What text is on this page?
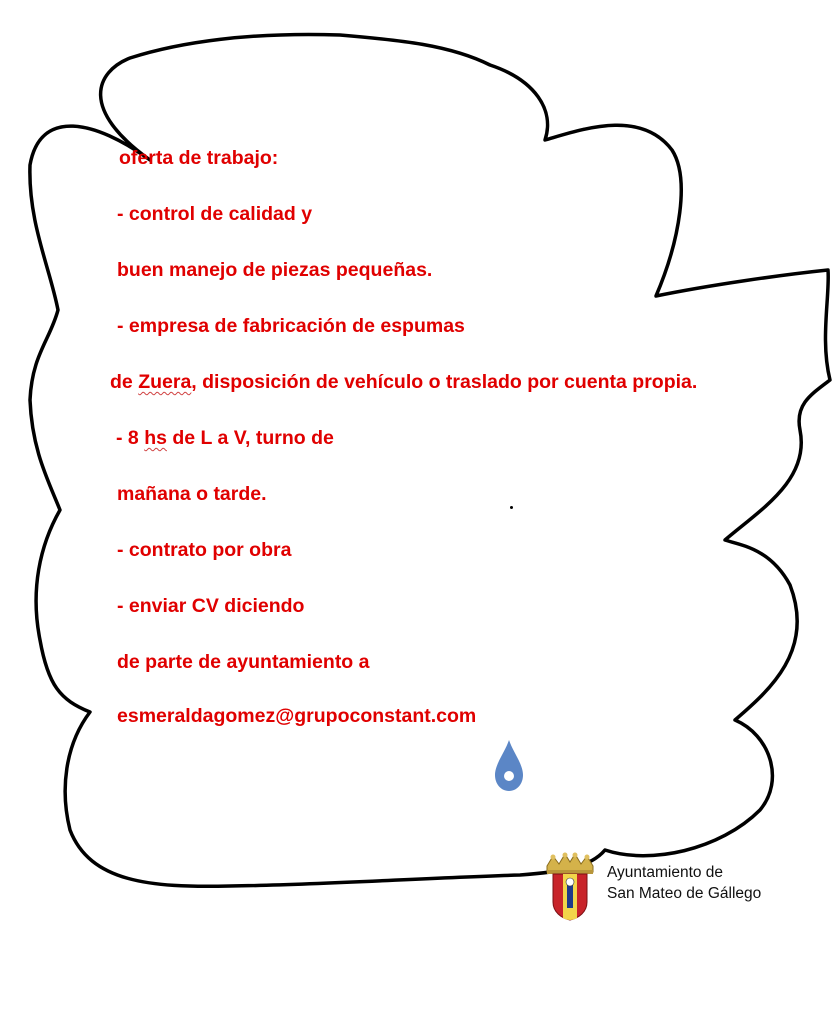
oferta de trabajo:

- control de calidad y

buen manejo de piezas pequeñas.

- empresa de fabricación de espumas

de Zuera, disposición de vehículo o traslado por cuenta propia.

- 8 hs de L a V, turno de

mañana o tarde.

- contrato por obra

- enviar CV diciendo

de parte de ayuntamiento a

esmeraldagomez@grupoconstant.com

Ayuntamiento de

San Mateo de Gállego
